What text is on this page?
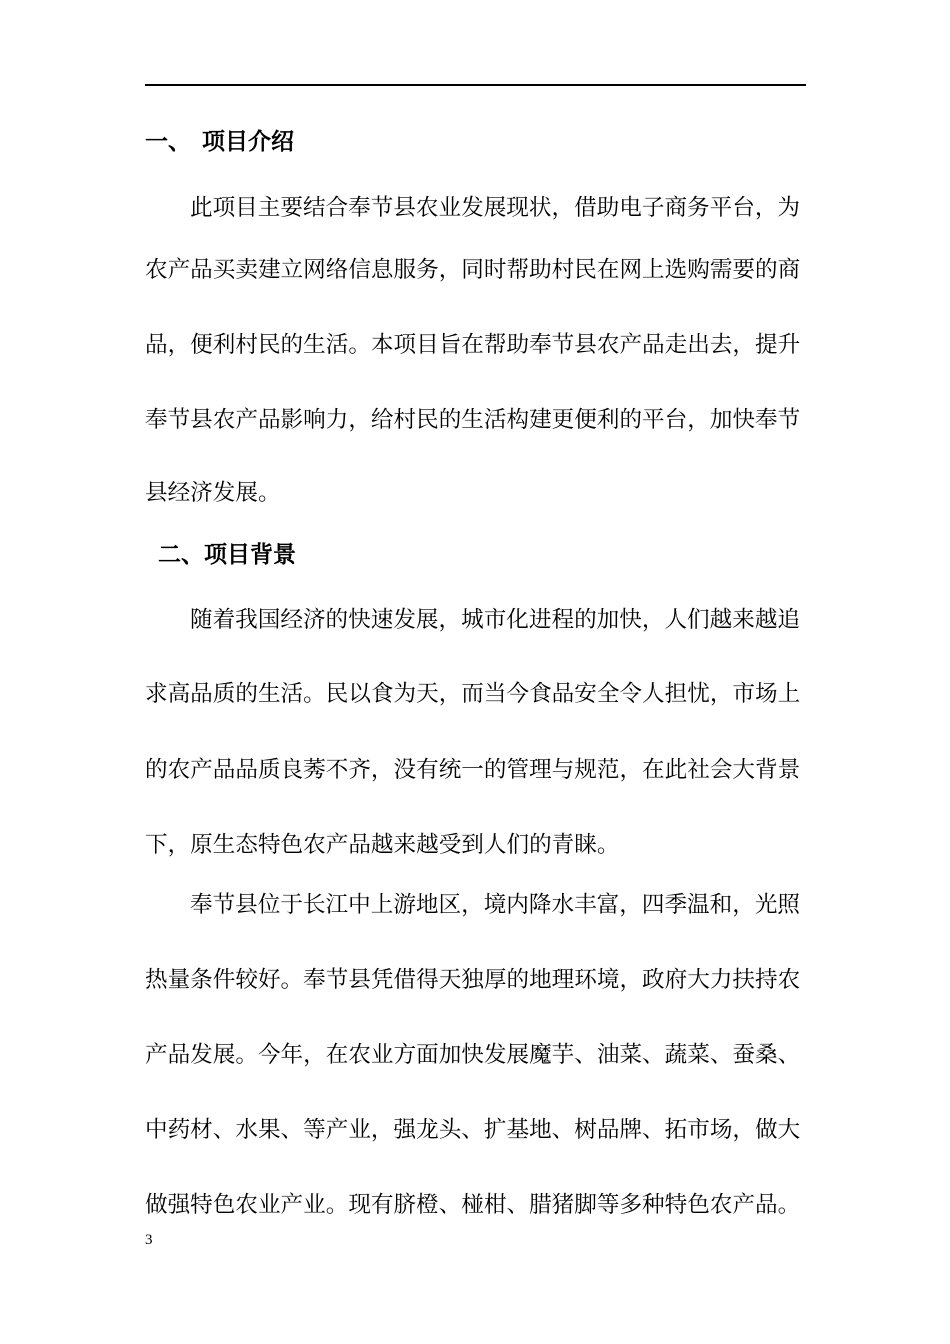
一、 项目介绍
此项目主要结合奉节县农业发展现状，借助电子商务平台，为
农产品买卖建立网络信息服务，同时帮助村民在网上选购需要的商
品，便利村民的生活。本项目旨在帮助奉节县农产品走出去，提升
奉节县农产品影响力，给村民的生活构建更便利的平台，加快奉节
县经济发展。
二、项目背景
随着我国经济的快速发展，城市化进程的加快，人们越来越追
求高品质的生活。民以食为天，而当今食品安全令人担忧，市场上
的农产品品质良莠不齐，没有统一的管理与规范，在此社会大背景
下，原生态特色农产品越来越受到人们的青睐。
奉节县位于长江中上游地区，境内降水丰富，四季温和，光照
热量条件较好。奉节县凭借得天独厚的地理环境，政府大力扶持农
产品发展。今年，在农业方面加快发展魔芋、油菜、蔬菜、蚕桑、
中药材、水果、等产业，强龙头、扩基地、树品牌、拓市场，做大
做强特色农业产业。现有脐橙、椪柑、腊猪脚等多种特色农产品。
3
